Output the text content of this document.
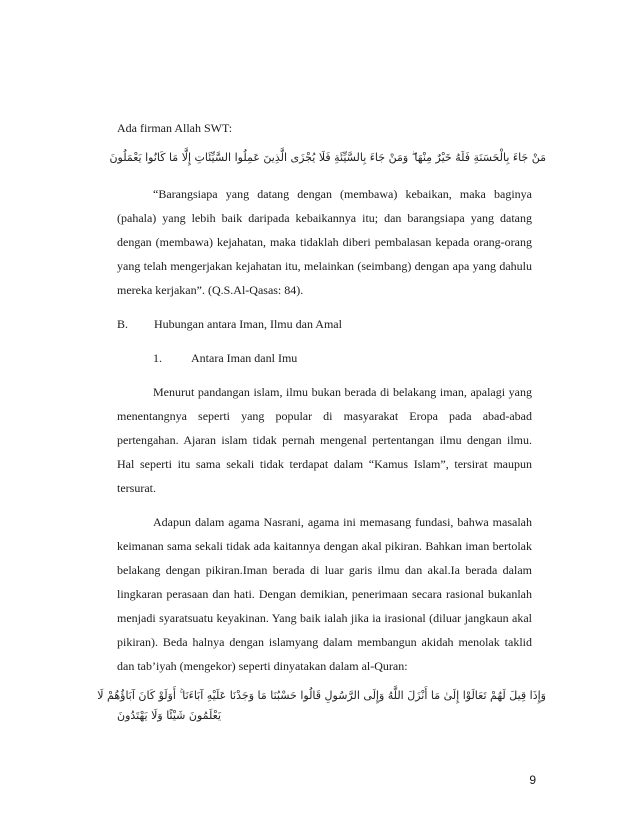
Ada firman Allah SWT:
مَنْ جَاءَ بِالْحَسَنَةِ فَلَهُ خَيْرٌ مِنْهَا ۖ وَمَنْ جَاءَ بِالسَّيِّئَةِ فَلَا يُجْزَى الَّذِينَ عَمِلُوا السَّيِّئَاتِ إِلَّا مَا كَانُوا يَعْمَلُونَ
“Barangsiapa yang datang dengan (membawa) kebaikan, maka baginya
(pahala) yang lebih baik daripada kebaikannya itu; dan barangsiapa yang datang
dengan (membawa) kejahatan, maka tidaklah diberi pembalasan kepada orang-orang
yang telah mengerjakan kejahatan itu, melainkan (seimbang) dengan apa yang dahulu
mereka kerjakan”. (Q.S.Al-Qasas: 84).
B.	Hubungan antara Iman, Ilmu dan Amal
1.	Antara Iman danl Imu
Menurut pandangan islam, ilmu bukan berada di belakang iman, apalagi yang
menentangnya seperti yang popular di masyarakat Eropa pada abad-abad
pertengahan. Ajaran islam tidak pernah mengenal pertentangan ilmu dengan ilmu.
Hal seperti itu sama sekali tidak terdapat dalam “Kamus Islam”, tersirat maupun
tersurat.
Adapun dalam agama Nasrani, agama ini memasang fundasi, bahwa masalah
keimanan sama sekali tidak ada kaitannya dengan akal pikiran. Bahkan iman bertolak
belakang dengan pikiran.Iman berada di luar garis ilmu dan akal.Ia berada dalam
lingkaran perasaan dan hati. Dengan demikian, penerimaan secara rasional bukanlah
menjadi syaratsuatu keyakinan. Yang baik ialah jika ia irasional (diluar jangkaun akal
pikiran). Beda halnya dengan islamyang dalam membangun akidah menolak taklid
dan tab’iyah (mengekor) seperti dinyatakan dalam al-Quran:
وَإِذَا قِيلَ لَهُمْ تَعَالَوْا إِلَىٰ مَا أَنْزَلَ اللَّهُ وَإِلَى الرَّسُولِ قَالُوا حَسْبُنَا مَا وَجَدْنَا عَلَيْهِ آبَاءَنَا ۚ أَوَلَوْ كَانَ آبَاؤُهُمْ لَا
يَعْلَمُونَ شَيْئًا وَلَا يَهْتَدُونَ
9
